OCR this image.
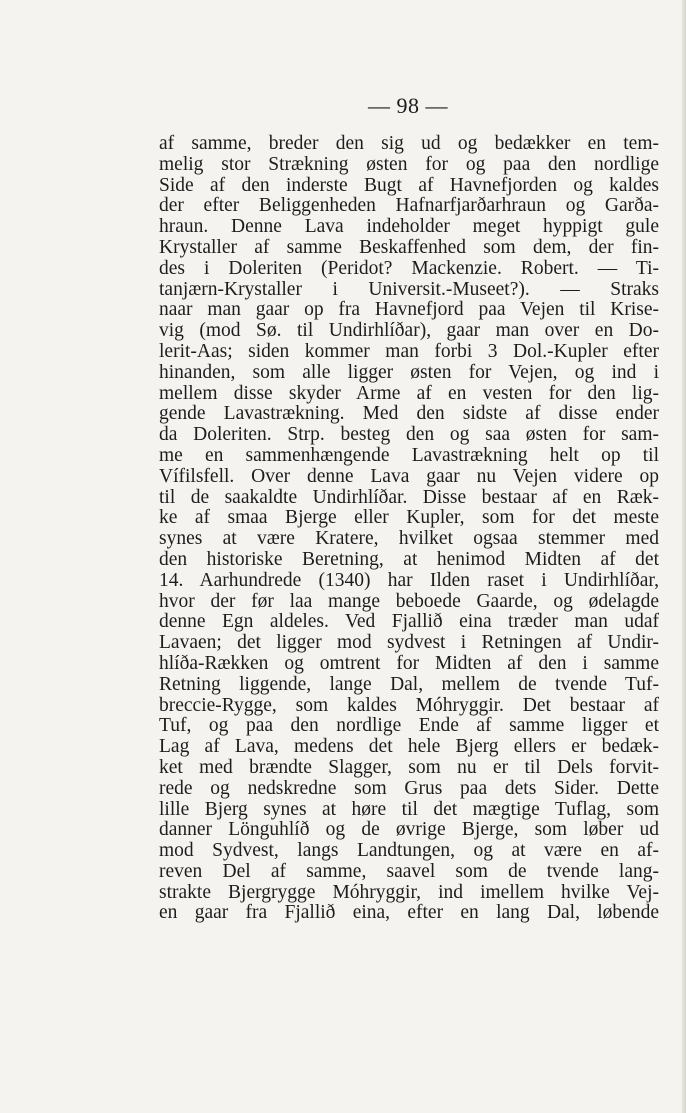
— 98 —
af samme, breder den sig ud og bedækker en tem-
melig stor Strækning østen for og paa den nordlige
Side af den inderste Bugt af Havnefjorden og kaldes
der efter Beliggenheden Hafnarfjarðarhraun og Garða-
hraun. Denne Lava indeholder meget hyppigt gule
Krystaller af samme Beskaffenhed som dem, der fin-
des i Doleriten (Peridot? Mackenzie. Robert. — Ti-
tanjærn-Krystaller i Universit.-Museet?). — Straks
naar man gaar op fra Havnefjord paa Vejen til Krise-
vig (mod Sø. til Undirhlíðar), gaar man over en Do-
lerit-Aas; siden kommer man forbi 3 Dol.-Kupler efter
hinanden, som alle ligger østen for Vejen, og ind i
mellem disse skyder Arme af en vesten for den lig-
gende Lavastrækning. Med den sidste af disse ender
da Doleriten. Strp. besteg den og saa østen for sam-
me en sammenhængende Lavastrækning helt op til
Vífilsfell. Over denne Lava gaar nu Vejen videre op
til de saakaldte Undirhlíðar. Disse bestaar af en Ræk-
ke af smaa Bjerge eller Kupler, som for det meste
synes at være Kratere, hvilket ogsaa stemmer med
den historiske Beretning, at henimod Midten af det
14. Aarhundrede (1340) har Ilden raset i Undirhlíðar,
hvor der før laa mange beboede Gaarde, og ødelagde
denne Egn aldeles. Ved Fjallið eina træder man udaf
Lavaen; det ligger mod sydvest i Retningen af Undir-
hlíða-Rækken og omtrent for Midten af den i samme
Retning liggende, lange Dal, mellem de tvende Tuf-
breccie-Rygge, som kaldes Móhryggir. Det bestaar af
Tuf, og paa den nordlige Ende af samme ligger et
Lag af Lava, medens det hele Bjerg ellers er bedæk-
ket med brændte Slagger, som nu er til Dels forvit-
rede og nedskredne som Grus paa dets Sider. Dette
lille Bjerg synes at høre til det mægtige Tuflag, som
danner Lönguhlíð og de øvrige Bjerge, som løber ud
mod Sydvest, langs Landtungen, og at være en af-
reven Del af samme, saavel som de tvende lang-
strakte Bjergrygge Móhryggir, ind imellem hvilke Vej-
en gaar fra Fjallið eina, efter en lang Dal, løbende
